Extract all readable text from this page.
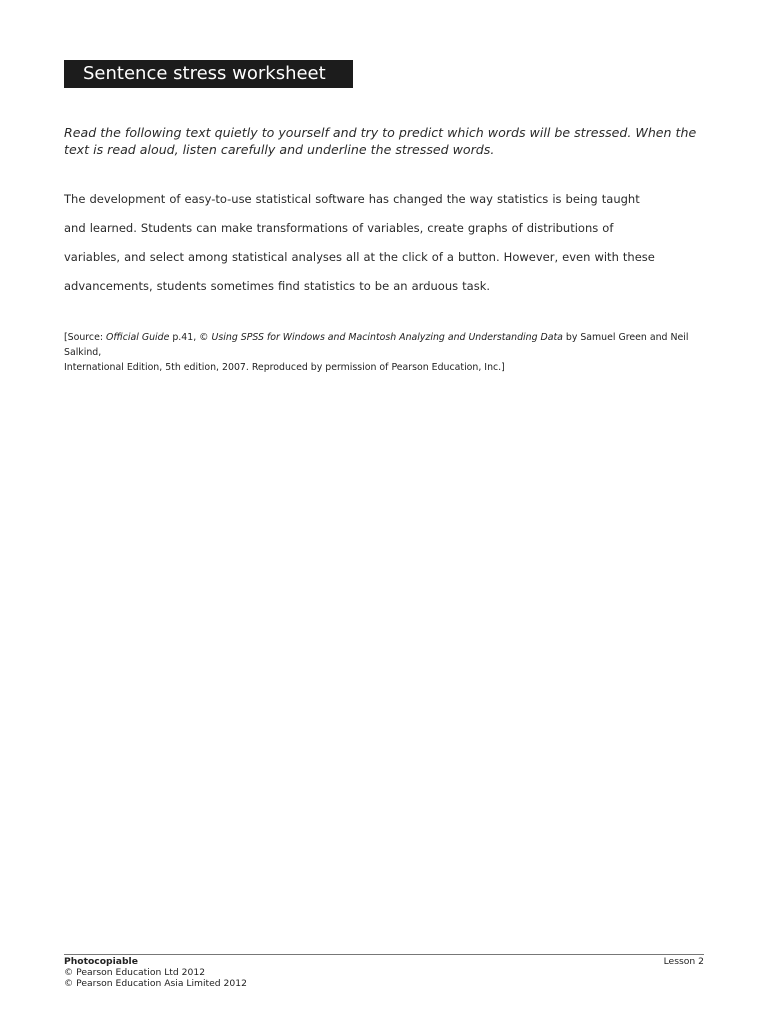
Sentence stress worksheet
Read the following text quietly to yourself and try to predict which words will be stressed. When the text is read aloud, listen carefully and underline the stressed words.
The development of easy-to-use statistical software has changed the way statistics is being taught
and learned. Students can make transformations of variables, create graphs of distributions of
variables, and select among statistical analyses all at the click of a button. However, even with these
advancements, students sometimes find statistics to be an arduous task.
[Source: Official Guide p.41, © Using SPSS for Windows and Macintosh Analyzing and Understanding Data by Samuel Green and Neil Salkind,
International Edition, 5th edition, 2007. Reproduced by permission of Pearson Education, Inc.]
Photocopiable
© Pearson Education Ltd 2012
© Pearson Education Asia Limited 2012
Lesson 2
